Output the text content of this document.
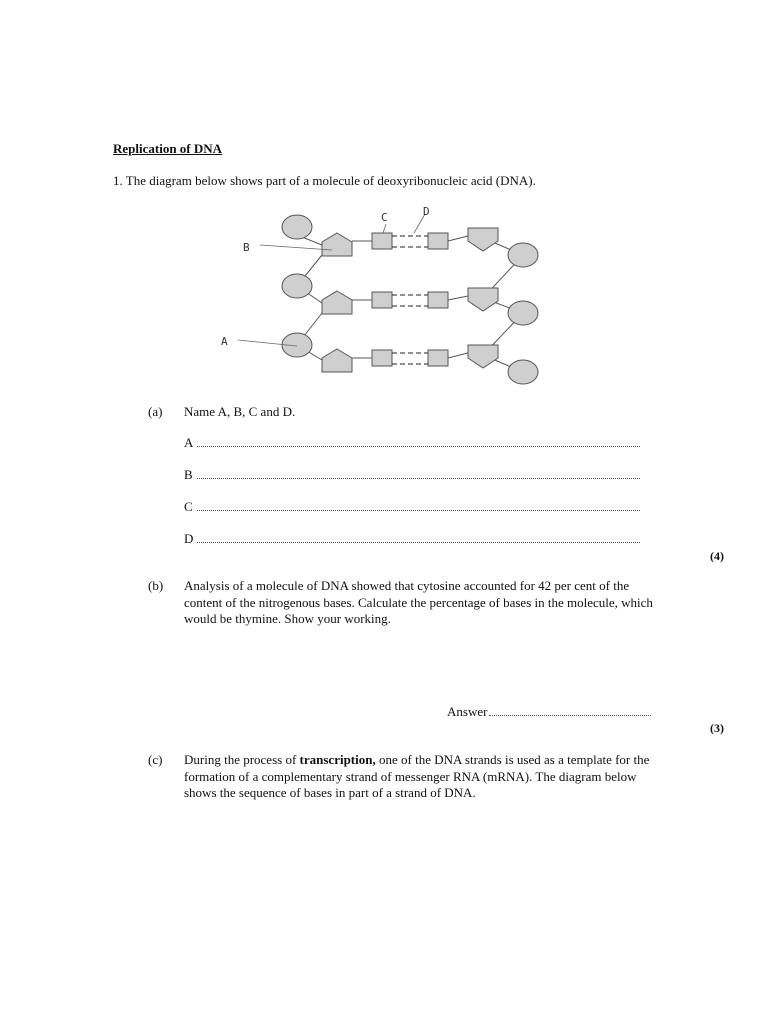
Replication of DNA
1. The diagram below shows part of a molecule of deoxyribonucleic acid (DNA).
B
A
C	D
(a) Name A, B, C and D.
A
B
C
D
(4)
(b) Analysis of a molecule of DNA showed that cytosine accounted for 42 per cent of the
content of the nitrogenous bases. Calculate the percentage of bases in the molecule, which
would be thymine. Show your working.
Answer
(3)
(c) During the process of transcription, one of the DNA strands is used as a template for the
formation of a complementary strand of messenger RNA (mRNA). The diagram below
shows the sequence of bases in part of a strand of DNA.
